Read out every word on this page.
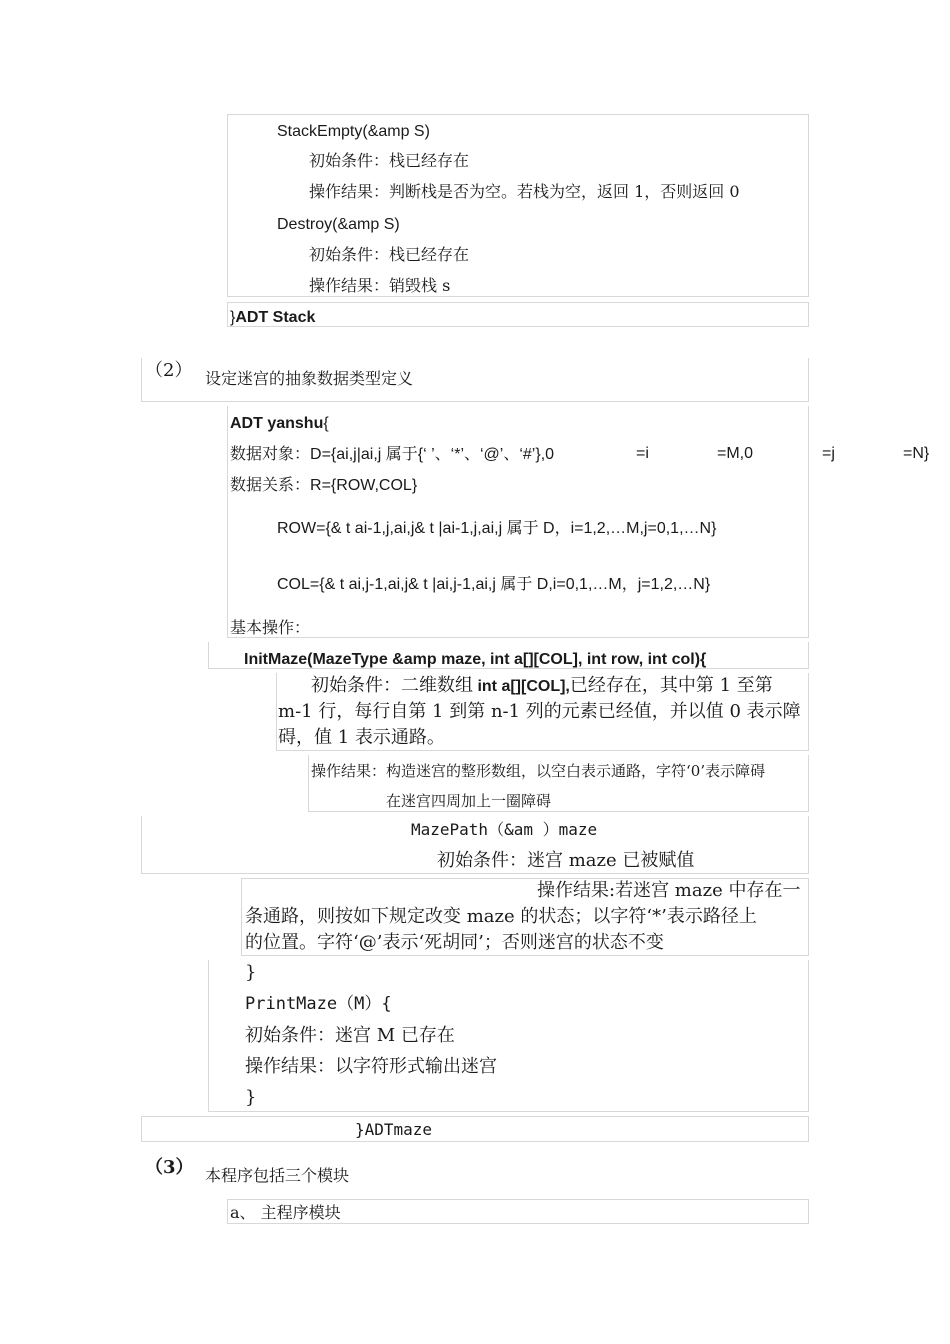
StackEmpty(&amp S)
初始条件：栈已经存在
操作结果：判断栈是否为空。若栈为空，返回 1，否则返回 0
Destroy(&amp S)
初始条件：栈已经存在
操作结果：销毁栈 s
}ADT Stack
（2） 设定迷宫的抽象数据类型定义
ADT yanshu{
数据对象：D={ai,j|ai,j 属于{‘ ’、‘*’、‘@’、‘#’},0	=i	=M,0	=j	=N}
数据关系：R={ROW,COL}
ROW={& t ai-1,j,ai,j& t |ai-1,j,ai,j 属于 D，i=1,2,…M,j=0,1,…N}
COL={& t ai,j-1,ai,j& t |ai,j-1,ai,j 属于 D,i=0,1,…M，j=1,2,…N}
基本操作：
InitMaze(MazeType &amp maze, int a[][COL], int row, int col){
初始条件：二维数组 int a[][COL],已经存在，其中第 1 至第
m-1 行，每行自第 1 到第 n-1 列的元素已经值，并以值 0 表示障
碍，值 1 表示通路。
操作结果：构造迷宫的整形数组，以空白表示通路，字符‘0’表示障碍
在迷宫四周加上一圈障碍
MazePath（&am ）maze
初始条件：迷宫 maze 已被赋值
操作结果:若迷宫 maze 中存在一
条通路，则按如下规定改变 maze 的状态；以字符‘*’表示路径上
的位置。字符‘@’表示‘死胡同’；否则迷宫的状态不变
}
PrintMaze（M）{
初始条件：迷宫 M 已存在
操作结果：以字符形式输出迷宫
}
}ADTmaze
（3） 本程序包括三个模块
a、 主程序模块
